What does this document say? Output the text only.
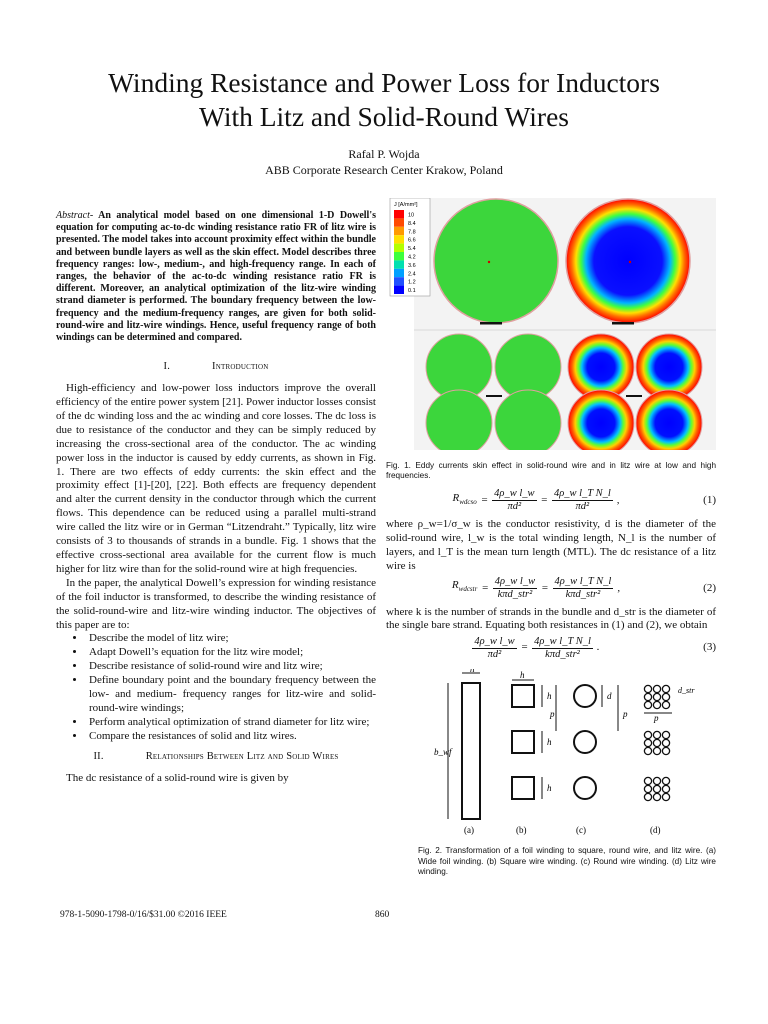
Winding Resistance and Power Loss for Inductors
With Litz and Solid-Round Wires
Rafal P. Wojda
ABB Corporate Research Center Krakow, Poland

Abstract- An analytical model based on one dimensional 1-D Dowell's equation for computing ac-to-dc winding resistance ratio FR of litz wire is presented. The model takes into account proximity effect within the bundle and between bundle layers as well as the skin effect. Model describes three frequency ranges: low-, medium-, and high-frequency range. In each of ranges, the behavior of the ac-to-dc winding resistance ratio FR is different. Moreover, an analytical optimization of the litz-wire winding strand diameter is performed. The boundary frequency between the low-frequency and the medium-frequency ranges, are given for both solid-round-wire and litz-wire windings. Hence, useful frequency range of both windings can be determined and compared.

I.	Introduction

High-efficiency and low-power loss inductors improve the overall efficiency of the entire power system [21]. Power inductor losses consist of the dc winding loss and the ac winding and core losses. The dc loss is due to resistance of the conductor and they can be simply reduced by increasing the cross-sectional area of the conductor. The ac winding power loss in the inductor is caused by eddy currents, as shown in Fig. 1. There are two effects of eddy currents: the skin effect and the proximity effect [1]-[20], [22]. Both effects are frequency dependent and alter the current density in the conductor through which the current flows. This dependence can be reduced using a parallel multi-strand wire called the litz wire or in German “Litzendraht.” Typically, litz wire consists of 3 to thousands of strands in a bundle. Fig. 1 shows that the effective cross-sectional area available for the current flow is much higher for litz wire than for the solid-round wire at high frequencies.

In the paper, the analytical Dowell’s expression for winding resistance of the foil inductor is transformed, to describe the winding resistance of the solid-round-wire and litz-wire winding inductor. The objectives of this paper are to:

• Describe the model of litz wire;
• Adapt Dowell’s equation for the litz wire model;
• Describe resistance of solid-round wire and litz wire;
• Define boundary point and the boundary frequency between the low- and medium- frequency ranges for litz-wire and solid-round-wire windings;
• Perform analytical optimization of strand diameter for litz wire;
• Compare the resistances of solid and litz wires.
II.	Relationships Between Litz and Solid Wires

The dc resistance of a solid-round wire is given by

J [A/mm²]
10
8.4
7.8
6.6
5.4
4.2
3.6
2.4
1.2
0.1

Fig. 1. Eddy currents skin effect in solid-round wire and in litz wire at low and high frequencies.

$R_{wdcso} = \frac{\text{4ρ\_w l\_w}}{\text{πd²}} = \frac{\text{4ρ\_w l\_T N\_l}}{\text{πd²}}$ ,	(1)

where ρ_w=1/σ_w is the conductor resistivity, d is the diameter of the solid-round wire, l_w is the total winding length, N_l is the number of layers, and l_T is the mean turn length (MTL). The dc resistance of a litz wire is

$R_{wdcstr} = \frac{\text{4ρ\_w l\_w}}{\text{kπd\_str²}} = \frac{\text{4ρ\_w l\_T N\_l}}{\text{kπd\_str²}}$ ,	(2)

where k is the number of strands in the bundle and d_str is the diameter of the single bare strand. Equating both resistances in (1) and (2), we obtain

$\frac{\text{4ρ\_w l\_w}}{\text{πd²}} = \frac{\text{4ρ\_w l\_T N\_l}}{\text{kπd\_str²}}$ .	(3)
h
b_wf
h
h
h
h
p
d
p
d_str
p
(a)	(b)	(c)	(d)

Fig. 2. Transformation of a foil winding to square, round wire, and litz wire. (a) Wide foil winding. (b) Square wire winding. (c) Round wire winding. (d) Litz wire winding.

978-1-5090-1798-0/16/$31.00 ©2016 IEEE	860
